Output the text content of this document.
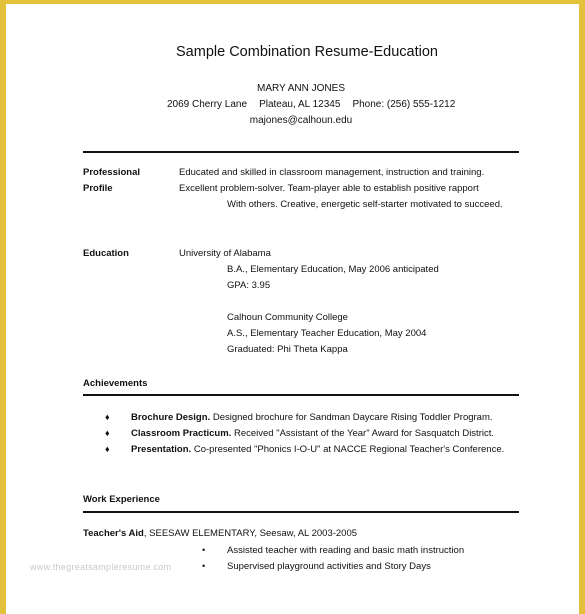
Sample Combination Resume-Education
MARY ANN JONES
2069 Cherry Lane Plateau, AL 12345 Phone: (256) 555-1212
majones@calhoun.edu
Professional
Profile
Educated and skilled in classroom management, instruction and training.
Excellent problem-solver. Team-player able to establish positive rapport
With others. Creative, energetic self-starter motivated to succeed.
Education	University of Alabama
B.A., Elementary Education, May 2006 anticipated
GPA: 3.95
Calhoun Community College
A.S., Elementary Teacher Education, May 2004
Graduated: Phi Theta Kappa
Achievements
♦ Brochure Design. Designed brochure for Sandman Daycare Rising Toddler Program.
♦ Classroom Practicum. Received "Assistant of the Year" Award for Sasquatch District.
♦ Presentation. Co-presented "Phonics I-O-U" at NACCE Regional Teacher's Conference.
Work Experience
Teacher's Aid, SEESAW ELEMENTARY, Seesaw, AL 2003-2005
• Assisted teacher with reading and basic math instruction
• Supervised playground activities and Story Days
www.thegreatsampleresume.com
